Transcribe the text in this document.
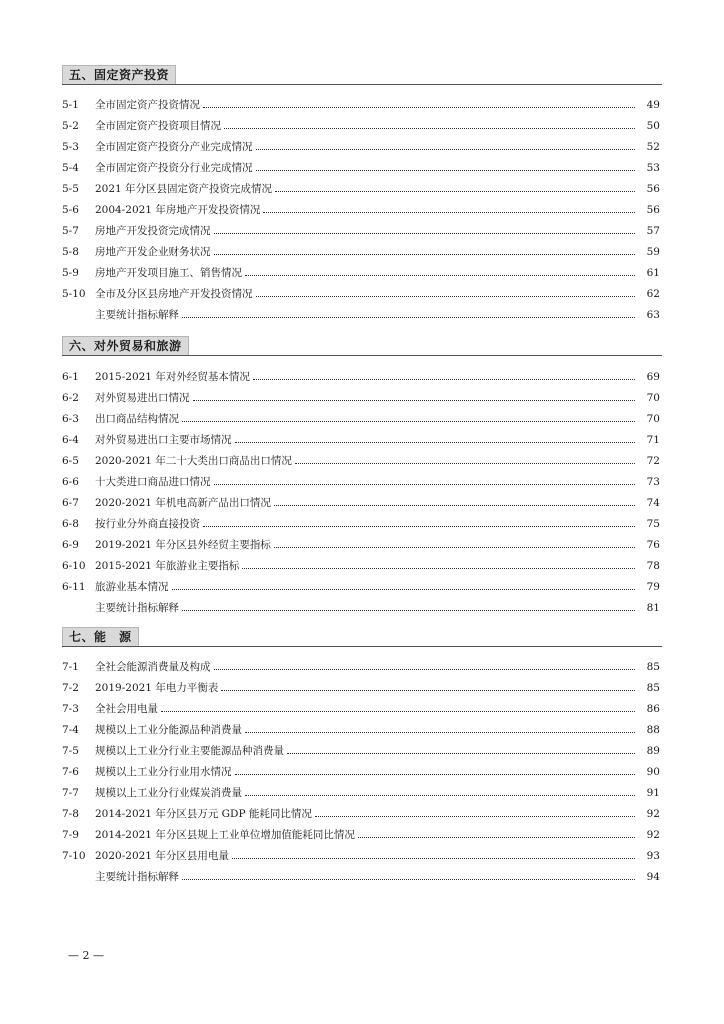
五、固定资产投资
5-1	全市固定资产投资情况	49
5-2	全市固定资产投资项目情况	50
5-3	全市固定资产投资分产业完成情况	52
5-4	全市固定资产投资分行业完成情况	53
5-5	2021 年分区县固定资产投资完成情况	56
5-6	2004-2021 年房地产开发投资情况	56
5-7	房地产开发投资完成情况	57
5-8	房地产开发企业财务状况	59
5-9	房地产开发项目施工、销售情况	61
5-10 全市及分区县房地产开发投资情况	62
主要统计指标解释	63
六、对外贸易和旅游
6-1	2015-2021 年对外经贸基本情况	69
6-2	对外贸易进出口情况	70
6-3	出口商品结构情况	70
6-4	对外贸易进出口主要市场情况	71
6-5	2020-2021 年二十大类出口商品出口情况	72
6-6	十大类进口商品进口情况	73
6-7	2020-2021 年机电高新产品出口情况	74
6-8	按行业分外商直接投资	75
6-9	2019-2021 年分区县外经贸主要指标	76
6-10 2015-2021 年旅游业主要指标	78
6-11 旅游业基本情况	79
主要统计指标解释	81
七、能　源
7-1	全社会能源消费量及构成	85
7-2	2019-2021 年电力平衡表	85
7-3	全社会用电量	86
7-4	规模以上工业分能源品种消费量	88
7-5	规模以上工业分行业主要能源品种消费量	89
7-6	规模以上工业分行业用水情况	90
7-7	规模以上工业分行业煤炭消费量	91
7-8	2014-2021 年分区县万元 GDP 能耗同比情况	92
7-9	2014-2021 年分区县规上工业单位增加值能耗同比情况	92
7-10 2020-2021 年分区县用电量	93
主要统计指标解释	94
— 2 —
